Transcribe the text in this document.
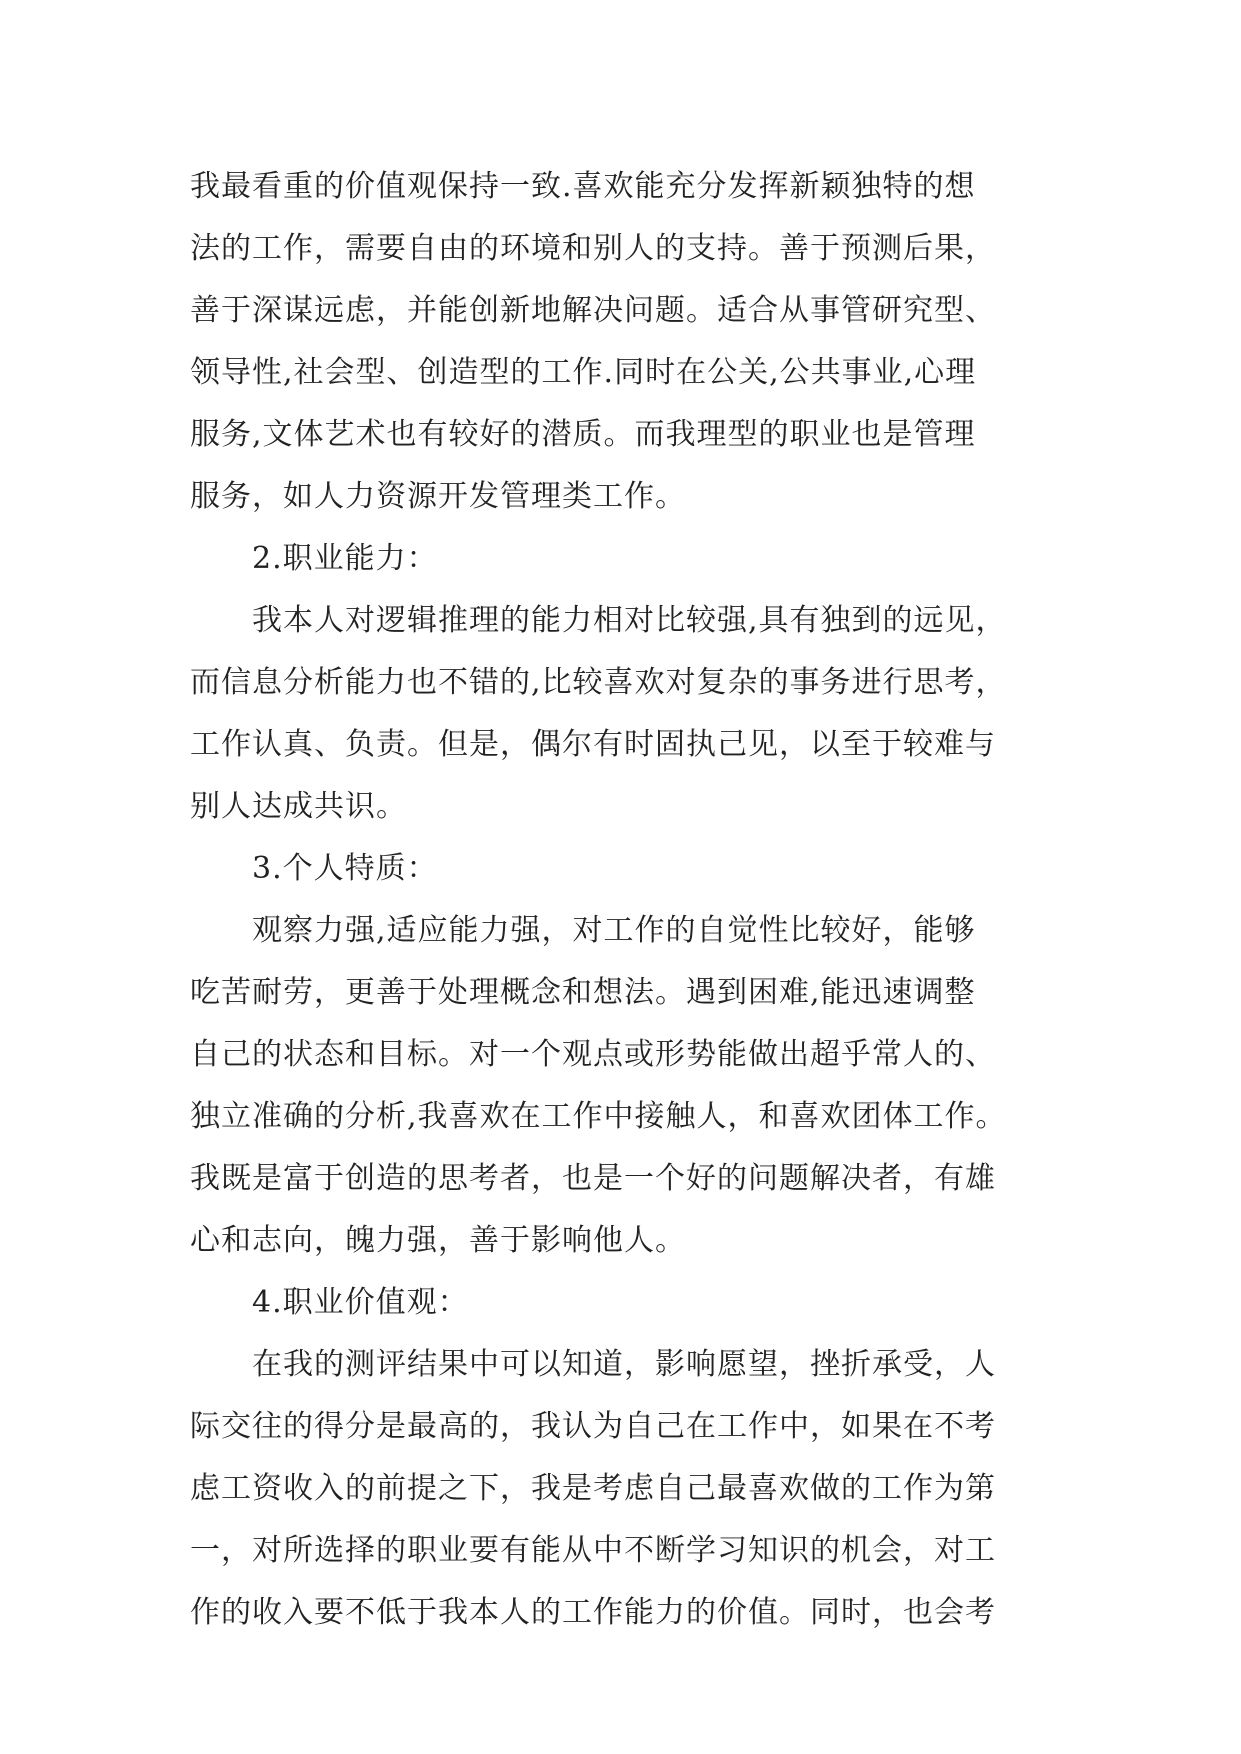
我最看重的价值观保持一致.喜欢能充分发挥新颖独特的想
法的工作，需要自由的环境和别人的支持。善于预测后果，
善于深谋远虑，并能创新地解决问题。适合从事管研究型、
领导性,社会型、创造型的工作.同时在公关,公共事业,心理
服务,文体艺术也有较好的潜质。而我理型的职业也是管理
服务，如人力资源开发管理类工作。
2.职业能力：
我本人对逻辑推理的能力相对比较强,具有独到的远见，
而信息分析能力也不错的,比较喜欢对复杂的事务进行思考，
工作认真、负责。但是，偶尔有时固执己见，以至于较难与
别人达成共识。
3.个人特质：
观察力强,适应能力强，对工作的自觉性比较好，能够
吃苦耐劳，更善于处理概念和想法。遇到困难,能迅速调整
自己的状态和目标。对一个观点或形势能做出超乎常人的、
独立准确的分析,我喜欢在工作中接触人，和喜欢团体工作。
我既是富于创造的思考者，也是一个好的问题解决者，有雄
心和志向，魄力强，善于影响他人。
4.职业价值观：
在我的测评结果中可以知道，影响愿望，挫折承受，人
际交往的得分是最高的，我认为自己在工作中，如果在不考
虑工资收入的前提之下，我是考虑自己最喜欢做的工作为第
一，对所选择的职业要有能从中不断学习知识的机会，对工
作的收入要不低于我本人的工作能力的价值。同时，也会考
